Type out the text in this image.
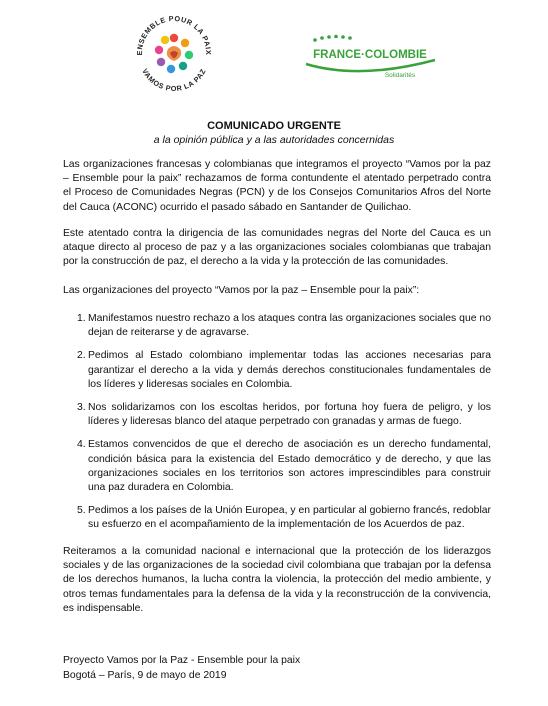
ENSEMBLE POUR LA PAIX
VAMOS POR LA PAZ
FRANCE·COLOMBIE
Solidarités
COMUNICADO URGENTE
a la opinión pública y a las autoridades concernidas
Las organizaciones francesas y colombianas que integramos el proyecto “Vamos por la paz – Ensemble pour la paix” rechazamos de forma contundente el atentado perpetrado contra el Proceso de Comunidades Negras (PCN) y de los Consejos Comunitarios Afros del Norte del Cauca (ACONC) ocurrido el pasado sábado en Santander de Quilichao.
Este atentado contra la dirigencia de las comunidades negras del Norte del Cauca es un ataque directo al proceso de paz y a las organizaciones sociales colombianas que trabajan por la construcción de paz, el derecho a la vida y la protección de las comunidades.
Las organizaciones del proyecto “Vamos por la paz – Ensemble pour la paix”:
1. Manifestamos nuestro rechazo a los ataques contra las organizaciones sociales que no dejan de reiterarse y de agravarse.
2. Pedimos al Estado colombiano implementar todas las acciones necesarias para garantizar el derecho a la vida y demás derechos constitucionales fundamentales de los líderes y lideresas sociales en Colombia.
3. Nos solidarizamos con los escoltas heridos, por fortuna hoy fuera de peligro, y los líderes y lideresas blanco del ataque perpetrado con granadas y armas de fuego.
4. Estamos convencidos de que el derecho de asociación es un derecho fundamental, condición básica para la existencia del Estado democrático y de derecho, y que las organizaciones sociales en los territorios son actores imprescindibles para construir una paz duradera en Colombia.
5. Pedimos a los países de la Unión Europea, y en particular al gobierno francés, redoblar su esfuerzo en el acompañamiento de la implementación de los Acuerdos de paz.
Reiteramos a la comunidad nacional e internacional que la protección de los liderazgos sociales y de las organizaciones de la sociedad civil colombiana que trabajan por la defensa de los derechos humanos, la lucha contra la violencia, la protección del medio ambiente, y otros temas fundamentales para la defensa de la vida y la reconstrucción de la convivencia, es indispensable.
Proyecto Vamos por la Paz - Ensemble pour la paix
Bogotá – París, 9 de mayo de 2019
